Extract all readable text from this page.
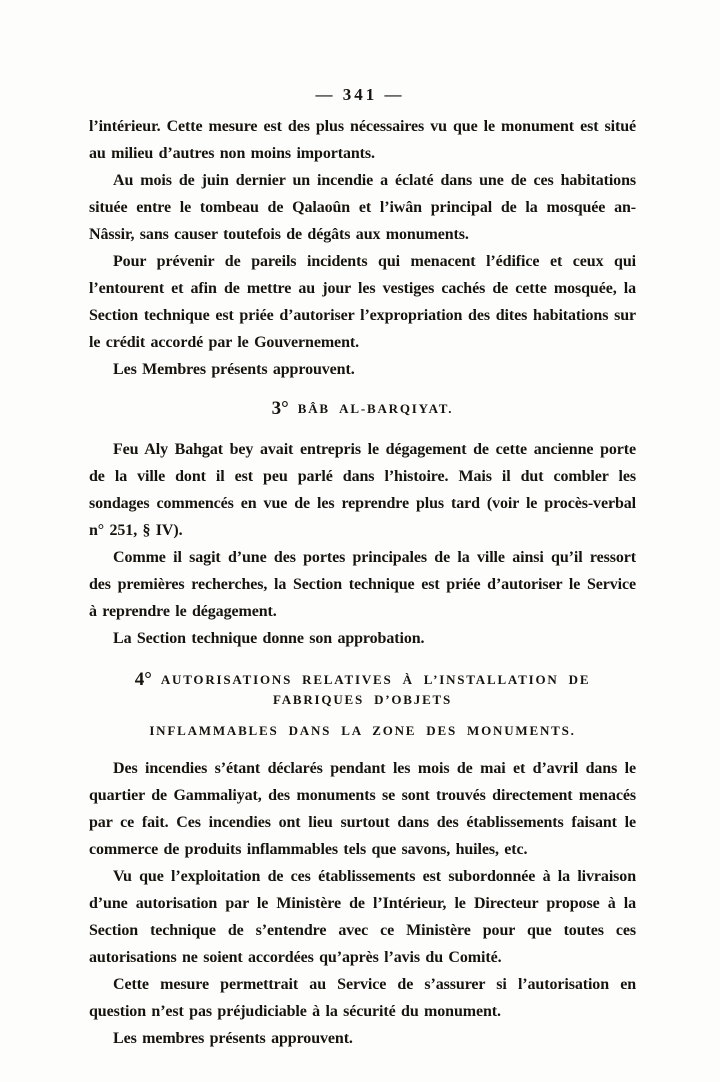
— 341 —

l’intérieur. Cette mesure est des plus nécessaires vu que le monument est situé au milieu d’autres non moins importants.

Au mois de juin dernier un incendie a éclaté dans une de ces habitations située entre le tombeau de Qalaoûn et l’iwân principal de la mosquée an-Nâssir, sans causer toutefois de dégâts aux monuments.

Pour prévenir de pareils incidents qui menacent l’édifice et ceux qui l’entourent et afin de mettre au jour les vestiges cachés de cette mosquée, la Section technique est priée d’autoriser l’expropriation des dites habitations sur le crédit accordé par le Gouvernement.

Les Membres présents approuvent.

3° BÂB AL-BARQIYAT.

Feu Aly Bahgat bey avait entrepris le dégagement de cette ancienne porte de la ville dont il est peu parlé dans l’histoire. Mais il dut combler les sondages commencés en vue de les reprendre plus tard (voir le procès-verbal n° 251, § IV).

Comme il sagit d’une des portes principales de la ville ainsi qu’il ressort des premières recherches, la Section technique est priée d’autoriser le Service à reprendre le dégagement.

La Section technique donne son approbation.

4° AUTORISATIONS RELATIVES À L’INSTALLATION DE FABRIQUES D’OBJETS
INFLAMMABLES DANS LA ZONE DES MONUMENTS.

Des incendies s’étant déclarés pendant les mois de mai et d’avril dans le quartier de Gammaliyat, des monuments se sont trouvés directement menacés par ce fait. Ces incendies ont lieu surtout dans des établissements faisant le commerce de produits inflammables tels que savons, huiles, etc.

Vu que l’exploitation de ces établissements est subordonnée à la livraison d’une autorisation par le Ministère de l’Intérieur, le Directeur propose à la Section technique de s’entendre avec ce Ministère pour que toutes ces autorisations ne soient accordées qu’après l’avis du Comité.

Cette mesure permettrait au Service de s’assurer si l’autorisation en question n’est pas préjudiciable à la sécurité du monument.

Les membres présents approuvent.
